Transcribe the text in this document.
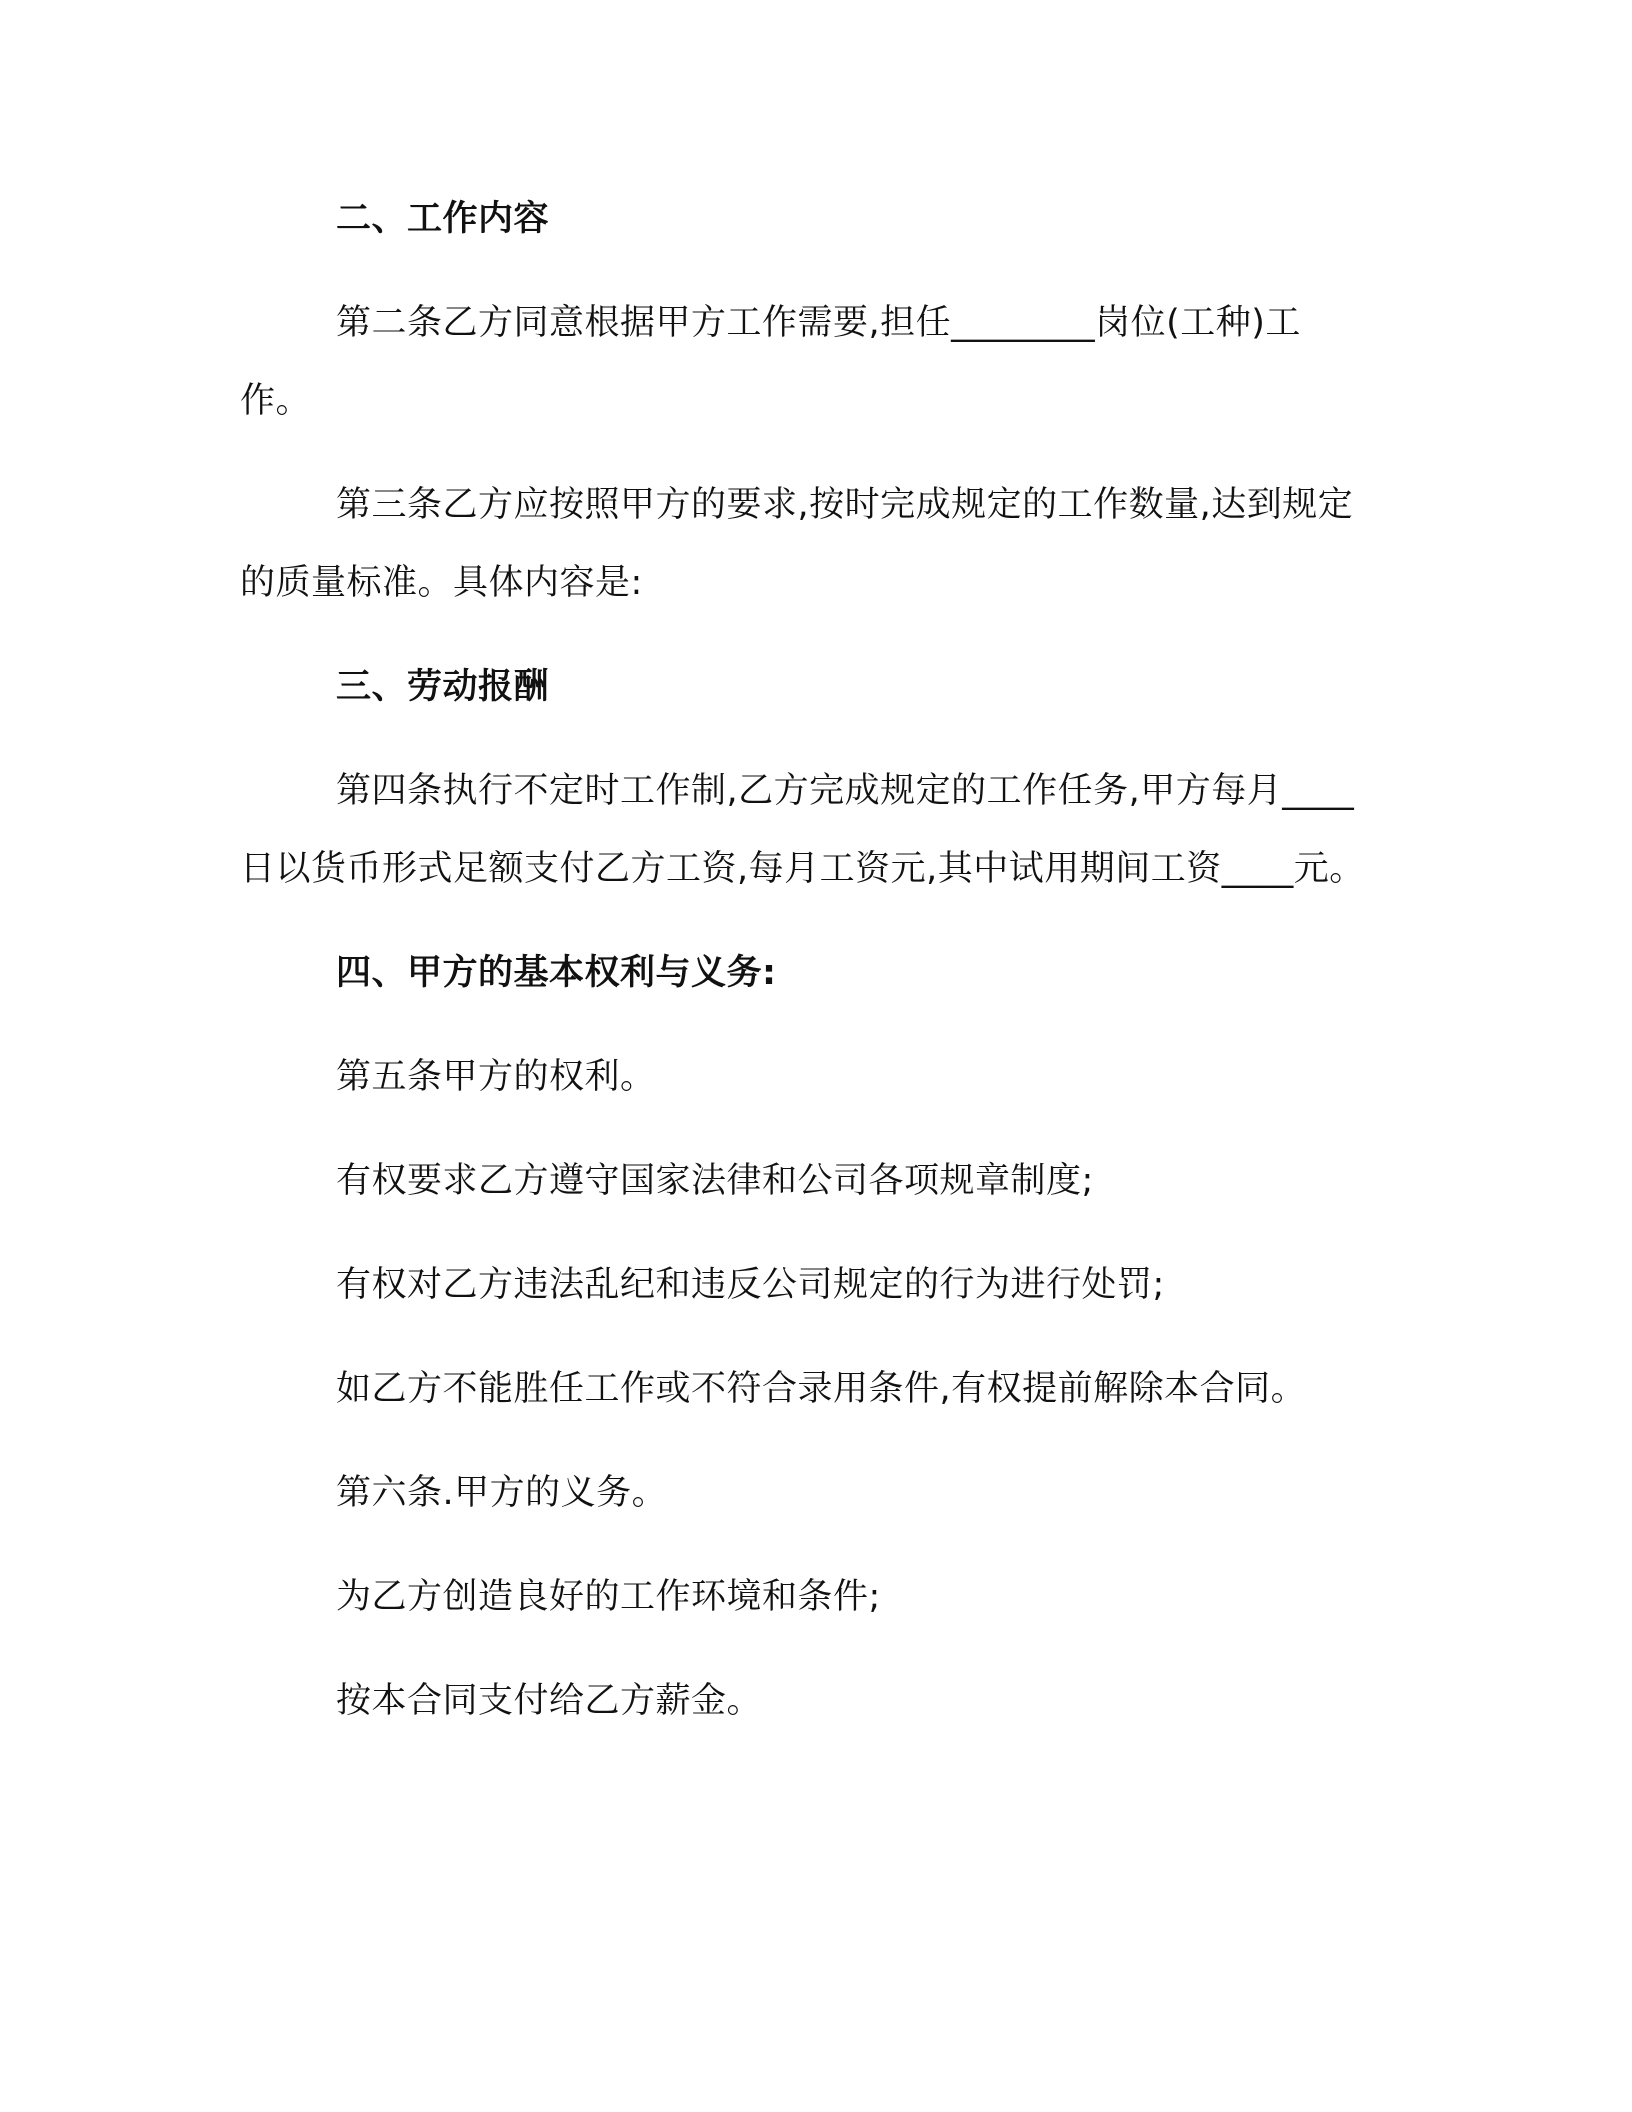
二、工作内容

第二条乙方同意根据甲方工作需要,担任________岗位(工种)工作。

第三条乙方应按照甲方的要求,按时完成规定的工作数量,达到规定的质量标准。具体内容是:

三、劳动报酬

第四条执行不定时工作制,乙方完成规定的工作任务,甲方每月____日以货币形式足额支付乙方工资,每月工资元,其中试用期间工资____元。

四、甲方的基本权利与义务:

第五条甲方的权利。

有权要求乙方遵守国家法律和公司各项规章制度;

有权对乙方违法乱纪和违反公司规定的行为进行处罚;

如乙方不能胜任工作或不符合录用条件,有权提前解除本合同。

第六条.甲方的义务。

为乙方创造良好的工作环境和条件;

按本合同支付给乙方薪金。
